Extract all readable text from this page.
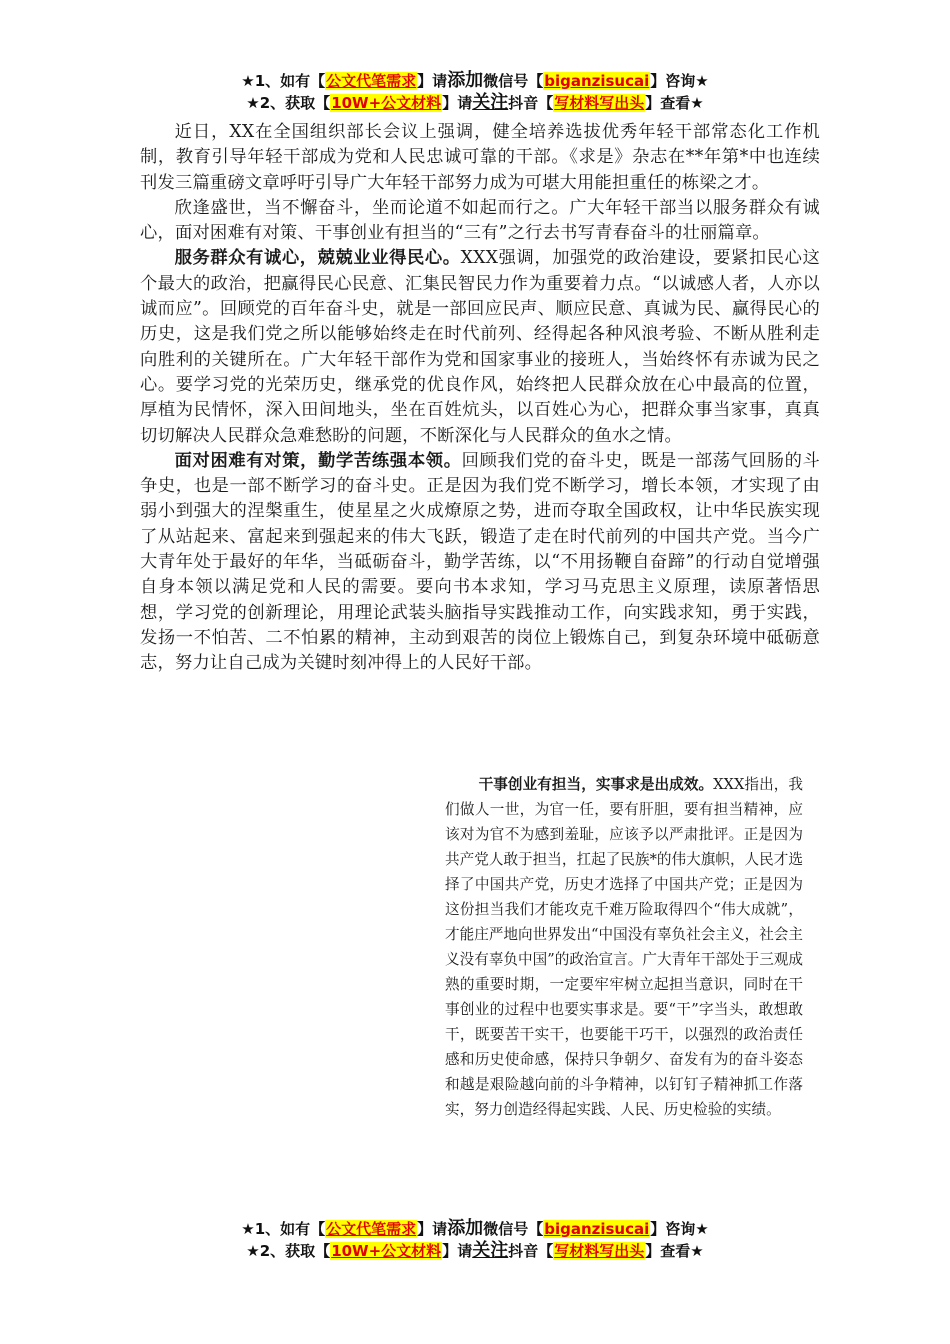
★1、如有【公文代笔需求】请添加微信号【biganzisucai】咨询★
★2、获取【10W+公文材料】请关注抖音【写材料写出头】查看★

近日，XX在全国组织部长会议上强调，健全培养选拔优秀年轻干部常态化工作机制，教育引导年轻干部成为党和人民忠诚可靠的干部。《求是》杂志在**年第*中也连续刊发三篇重磅文章呼吁引导广大年轻干部努力成为可堪大用能担重任的栋梁之才。

欣逢盛世，当不懈奋斗，坐而论道不如起而行之。广大年轻干部当以服务群众有诚心，面对困难有对策、干事创业有担当的“三有”之行去书写青春奋斗的壮丽篇章。

服务群众有诚心，兢兢业业得民心。XXX强调，加强党的政治建设，要紧扣民心这个最大的政治，把赢得民心民意、汇集民智民力作为重要着力点。“以诚感人者，人亦以诚而应”。回顾党的百年奋斗史，就是一部回应民声、顺应民意、真诚为民、赢得民心的历史，这是我们党之所以能够始终走在时代前列、经得起各种风浪考验、不断从胜利走向胜利的关键所在。广大年轻干部作为党和国家事业的接班人，当始终怀有赤诚为民之心。要学习党的光荣历史，继承党的优良作风，始终把人民群众放在心中最高的位置，厚植为民情怀，深入田间地头，坐在百姓炕头，以百姓心为心，把群众事当家事，真真切切解决人民群众急难愁盼的问题，不断深化与人民群众的鱼水之情。

面对困难有对策，勤学苦练强本领。回顾我们党的奋斗史，既是一部荡气回肠的斗争史，也是一部不断学习的奋斗史。正是因为我们党不断学习，增长本领，才实现了由弱小到强大的涅槃重生，使星星之火成燎原之势，进而夺取全国政权，让中华民族实现了从站起来、富起来到强起来的伟大飞跃，锻造了走在时代前列的中国共产党。当今广大青年处于最好的年华，当砥砺奋斗，勤学苦练，以“不用扬鞭自奋蹄”的行动自觉增强自身本领以满足党和人民的需要。要向书本求知，学习马克思主义原理，读原著悟思想，学习党的创新理论，用理论武装头脑指导实践推动工作，向实践求知，勇于实践，发扬一不怕苦、二不怕累的精神，主动到艰苦的岗位上锻炼自己，到复杂环境中砥砺意志，努力让自己成为关键时刻冲得上的人民好干部。

干事创业有担当，实事求是出成效。XXX指出，我们做人一世，为官一任，要有肝胆，要有担当精神，应该对为官不为感到羞耻，应该予以严肃批评。正是因为共产党人敢于担当，扛起了民族*的伟大旗帜，人民才选择了中国共产党，历史才选择了中国共产党；正是因为这份担当我们才能攻克千难万险取得四个“伟大成就”，才能庄严地向世界发出“中国没有辜负社会主义，社会主义没有辜负中国”的政治宣言。广大青年干部处于三观成熟的重要时期，一定要牢牢树立起担当意识，同时在干事创业的过程中也要实事求是。要“干”字当头，敢想敢干，既要苦干实干，也要能干巧干，以强烈的政治责任感和历史使命感，保持只争朝夕、奋发有为的奋斗姿态和越是艰险越向前的斗争精神，以钉钉子精神抓工作落实，努力创造经得起实践、人民、历史检验的实绩。

★1、如有【公文代笔需求】请添加微信号【biganzisucai】咨询★
★2、获取【10W+公文材料】请关注抖音【写材料写出头】查看★
